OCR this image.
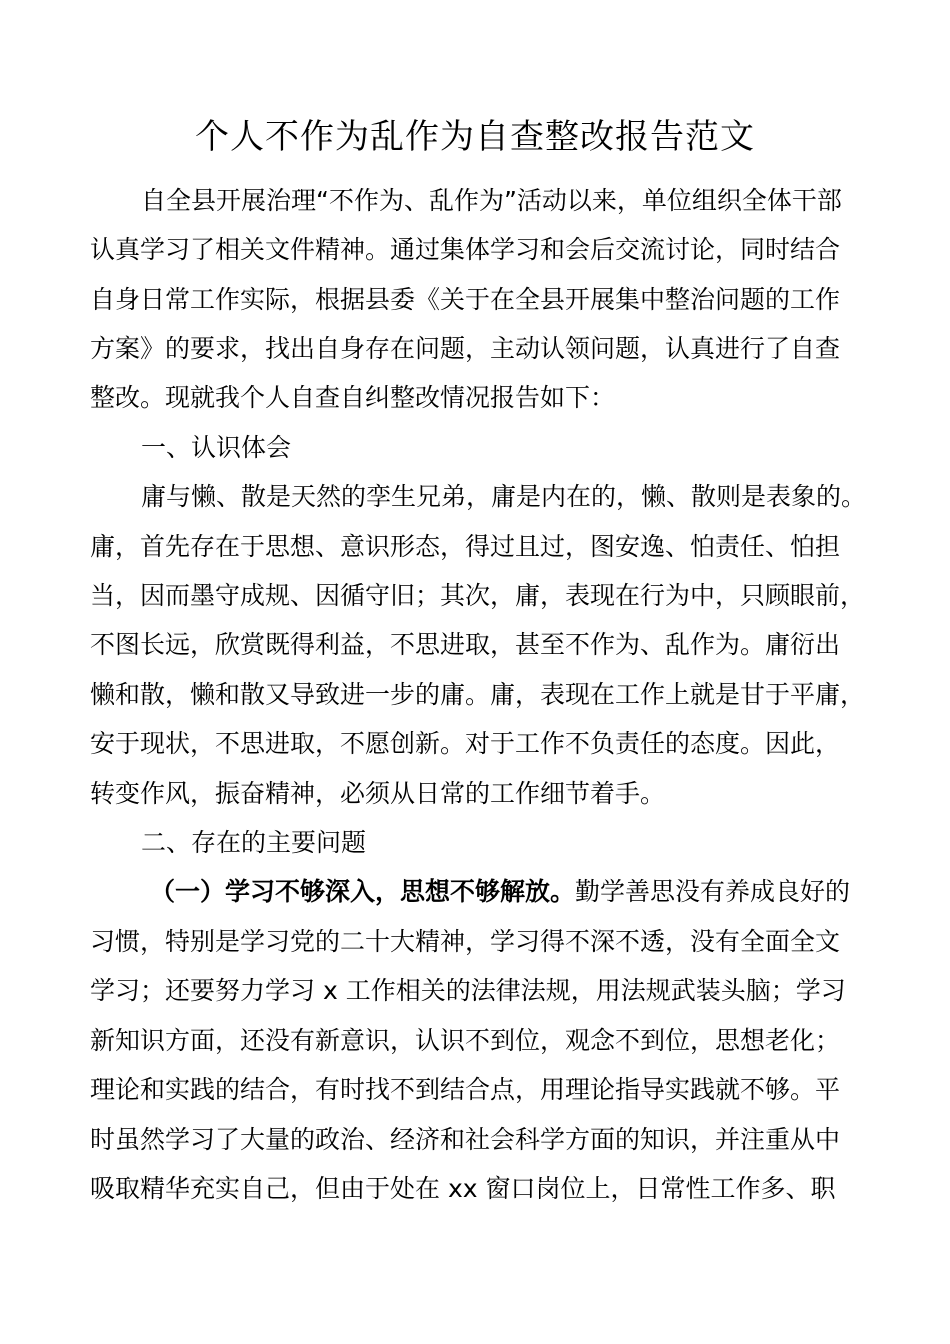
个人不作为乱作为自查整改报告范文
自全县开展治理“不作为、乱作为”活动以来，单位组织全体干部
认真学习了相关文件精神。通过集体学习和会后交流讨论，同时结合
自身日常工作实际，根据县委《关于在全县开展集中整治问题的工作
方案》的要求，找出自身存在问题，主动认领问题，认真进行了自查
整改。现就我个人自查自纠整改情况报告如下：
一、认识体会
庸与懒、散是天然的孪生兄弟，庸是内在的，懒、散则是表象的。
庸，首先存在于思想、意识形态，得过且过，图安逸、怕责任、怕担
当，因而墨守成规、因循守旧；其次，庸，表现在行为中，只顾眼前，
不图长远，欣赏既得利益，不思进取，甚至不作为、乱作为。庸衍出
懒和散，懒和散又导致进一步的庸。庸，表现在工作上就是甘于平庸，
安于现状，不思进取，不愿创新。对于工作不负责任的态度。因此，
转变作风，振奋精神，必须从日常的工作细节着手。
二、存在的主要问题
（一）学习不够深入，思想不够解放。勤学善思没有养成良好的
习惯，特别是学习党的二十大精神，学习得不深不透，没有全面全文
学习；还要努力学习 x 工作相关的法律法规，用法规武装头脑；学习
新知识方面，还没有新意识，认识不到位，观念不到位，思想老化；
理论和实践的结合，有时找不到结合点，用理论指导实践就不够。平
时虽然学习了大量的政治、经济和社会科学方面的知识，并注重从中
吸取精华充实自己，但由于处在 xx 窗口岗位上，日常性工作多、职
